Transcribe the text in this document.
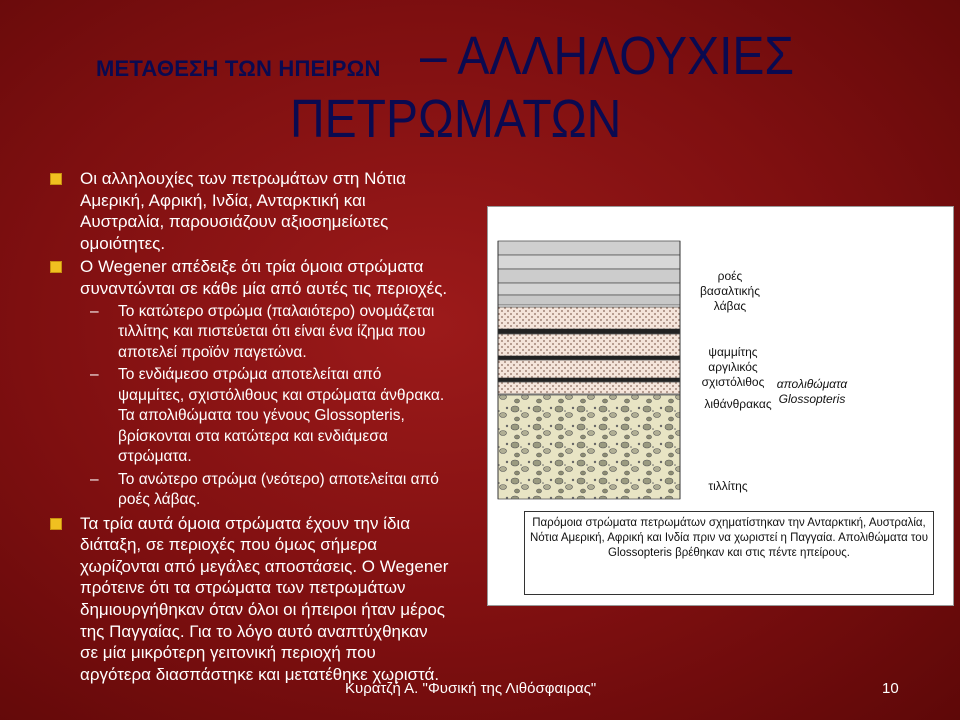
ΜΕΤΑΘΕΣΗ ΤΩΝ ΗΠΕΙΡΩΝ – ΑΛΛΗΛΟΥΧΙΕΣ
ΠΕΤΡΩΜΑΤΩΝ
Οι αλληλουχίες των πετρωμάτων στη Νότια Αμερική, Αφρική, Ινδία, Ανταρκτική και Αυστραλία, παρουσιάζουν αξιοσημείωτες ομοιότητες.
Ο Wegener απέδειξε ότι τρία όμοια στρώματα συναντώνται σε κάθε μία από αυτές τις περιοχές.
–	Το κατώτερο στρώμα (παλαιότερο) ονομάζεται τιλλίτης και πιστεύεται ότι είναι ένα ίζημα που αποτελεί προϊόν παγετώνα.
–	Το ενδιάμεσο στρώμα αποτελείται από ψαμμίτες, σχιστόλιθους και στρώματα άνθρακα. Τα απολιθώματα του γένους Glossopteris, βρίσκονται στα κατώτερα και ενδιάμεσα στρώματα.
–	Το ανώτερο στρώμα (νεότερο) αποτελείται από ροές λάβας.
Τα τρία αυτά όμοια στρώματα έχουν την ίδια διάταξη, σε περιοχές που όμως σήμερα χωρίζονται από μεγάλες αποστάσεις. Ο Wegener πρότεινε ότι τα στρώματα των πετρωμάτων δημιουργήθηκαν όταν όλοι οι ήπειροι ήταν μέρος της Παγγαίας. Για το λόγο αυτό αναπτύχθηκαν σε μία μικρότερη γειτονική περιοχή που αργότερα διασπάστηκε και μετατέθηκε χωριστά.
ροές βασαλτικής λάβας
ψαμμίτης αργιλικός σχιστόλιθος
λιθάνθρακας
απολιθώματα Glossopteris
τιλλίτης
Παρόμοια στρώματα πετρωμάτων σχηματίστηκαν την Ανταρκτική, Αυστραλία, Νότια Αμερική, Αφρική και Ινδία πριν να χωριστεί η Παγγαία. Απολιθώματα του Glossopteris βρέθηκαν και στις πέντε ηπείρους.
Κυρατζή Α. "Φυσική της Λιθόσφαιρας"	10
